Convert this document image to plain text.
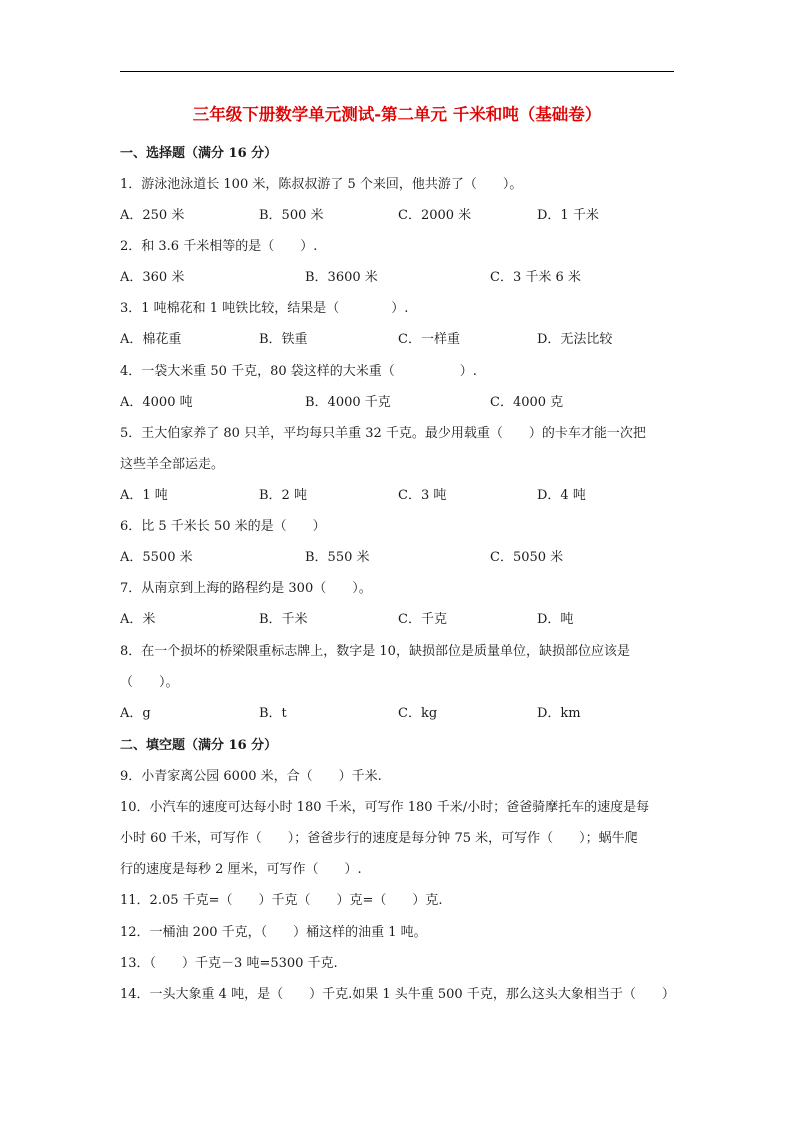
三年级下册数学单元测试-第二单元 千米和吨（基础卷）
一、选择题（满分 16 分）
1．游泳池泳道长 100 米，陈叔叔游了 5 个来回，他共游了（　　）。
A．250 米	B．500 米	C．2000 米	D．1 千米
2．和 3.6 千米相等的是（　　）.
A．360 米	B．3600 米	C．3 千米 6 米
3．1 吨棉花和 1 吨铁比较，结果是（　　　　）.
A．棉花重	B．铁重	C．一样重	D．无法比较
4．一袋大米重 50 千克，80 袋这样的大米重（　　　　　）.
A．4000 吨	B．4000 千克	C．4000 克
5．王大伯家养了 80 只羊，平均每只羊重 32 千克。最少用载重（　　）的卡车才能一次把
这些羊全部运走。
A．1 吨	B．2 吨	C．3 吨	D．4 吨
6．比 5 千米长 50 米的是（　　）
A．5500 米	B．550 米	C．5050 米
7．从南京到上海的路程约是 300（　　）。
A．米	B．千米	C．千克	D．吨
8．在一个损坏的桥梁限重标志牌上，数字是 10，缺损部位是质量单位，缺损部位应该是
（　　）。
A．g	B．t	C．kg	D．km
二、填空题（满分 16 分）
9．小青家离公园 6000 米，合（　　）千米.
10．小汽车的速度可达每小时 180 千米，可写作 180 千米/小时；爸爸骑摩托车的速度是每
小时 60 千米，可写作（　　）；爸爸步行的速度是每分钟 75 米，可写作（　　）；蜗牛爬
行的速度是每秒 2 厘米，可写作（　　）.
11．2.05 千克=（　　）千克（　　）克=（　　）克.
12．一桶油 200 千克，（　　）桶这样的油重 1 吨。
13．（　　）千克－3 吨=5300 千克.
14．一头大象重 4 吨，是（　　）千克.如果 1 头牛重 500 千克，那么这头大象相当于（　　）
